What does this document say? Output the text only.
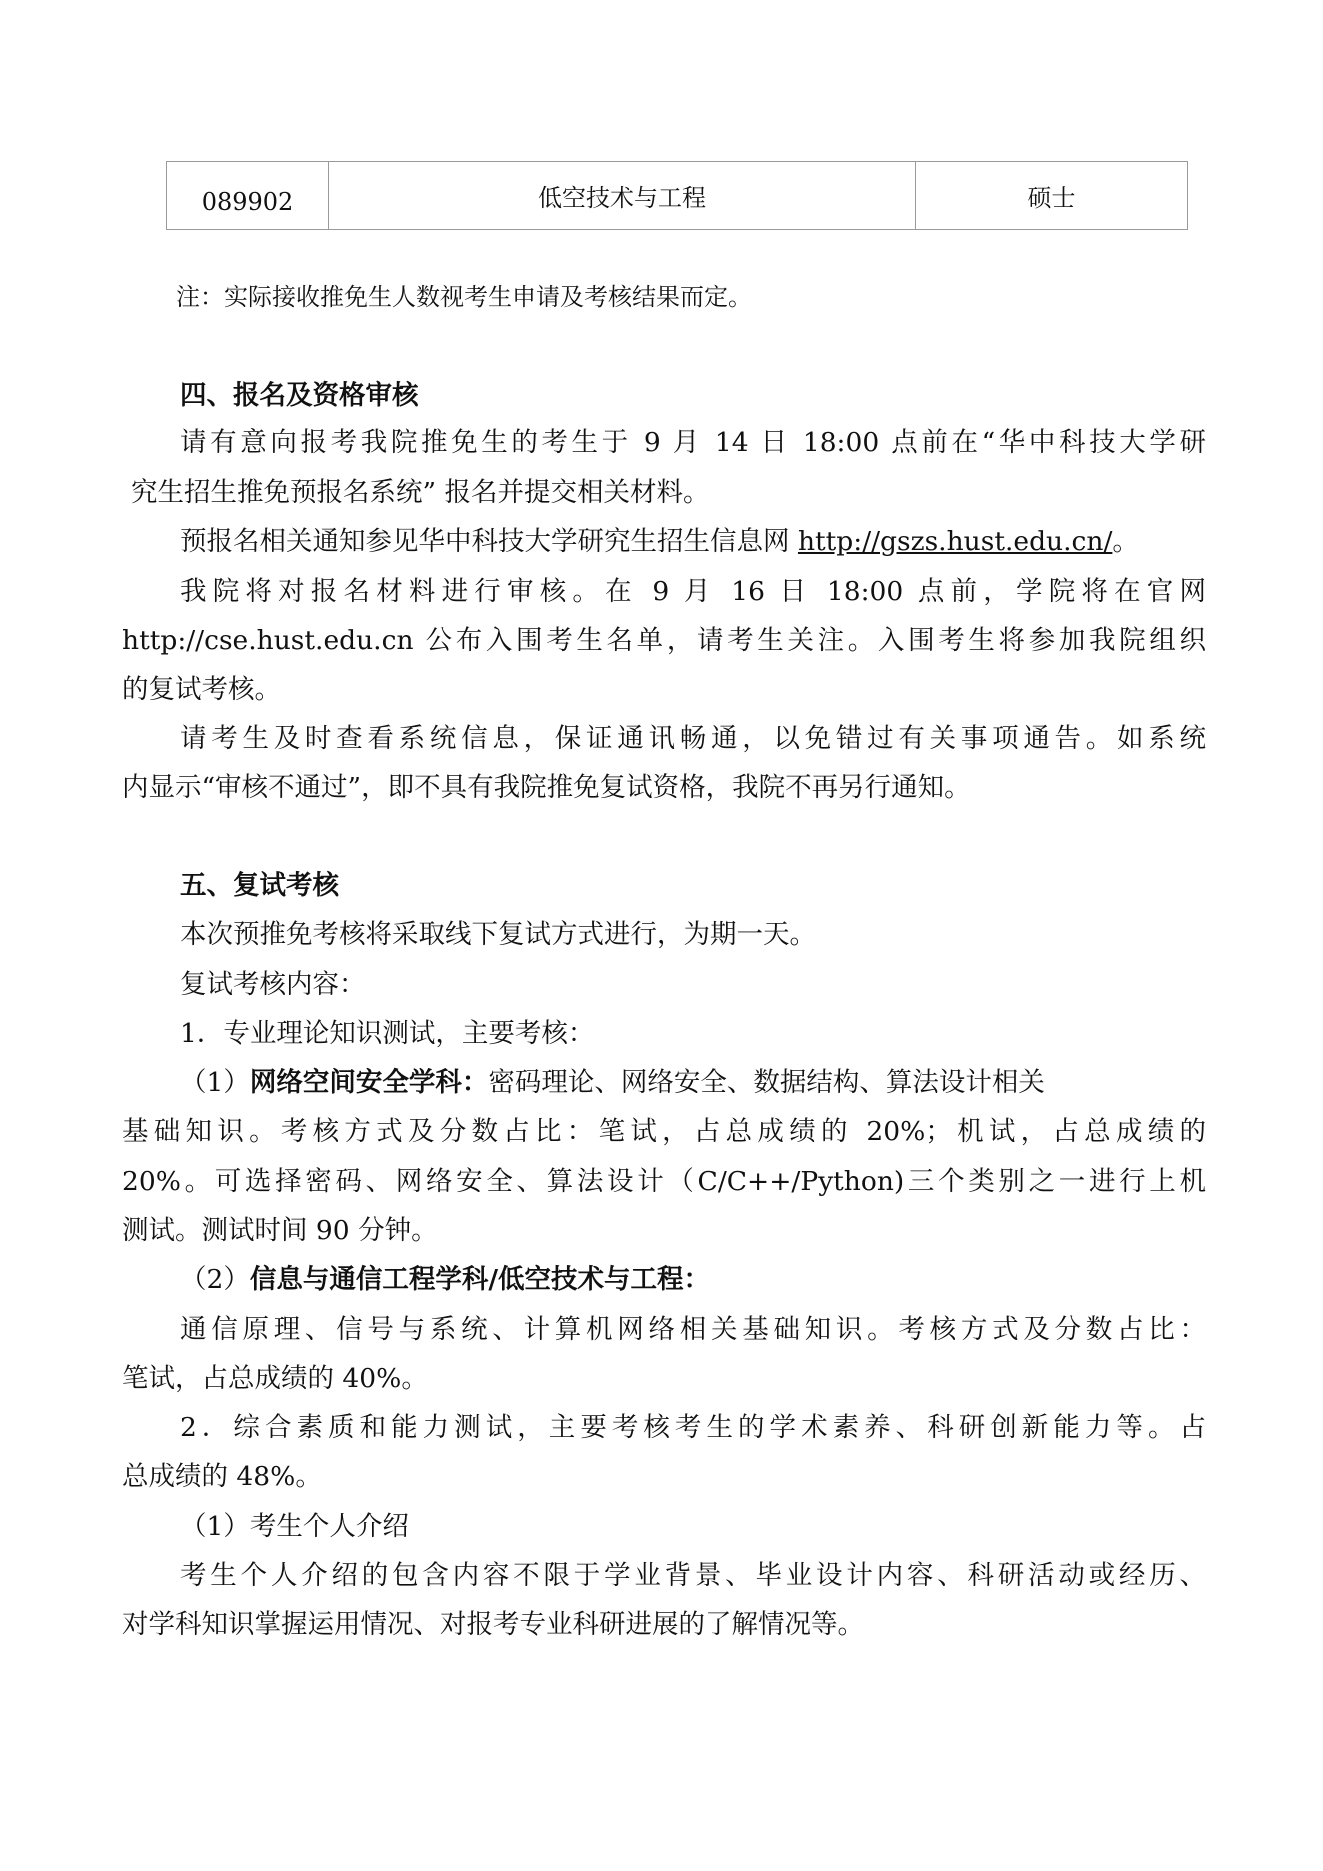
089902	低空技术与工程	硕士
注：实际接收推免生人数视考生申请及考核结果而定。
四、报名及资格审核
请有意向报考我院推免生的考生于 9 月 14 日 18:00 点前在“华中科技大学研
究生招生推免预报名系统” 报名并提交相关材料。
预报名相关通知参见华中科技大学研究生招生信息网 http://gszs.hust.edu.cn/。
我院将对报名材料进行审核。在 9 月 16 日 18:00 点前，学院将在官网
http://cse.hust.edu.cn 公布入围考生名单，请考生关注。入围考生将参加我院组织
的复试考核。
请考生及时查看系统信息，保证通讯畅通，以免错过有关事项通告。如系统
内显示“审核不通过”，即不具有我院推免复试资格，我院不再另行通知。
五、复试考核
本次预推免考核将采取线下复试方式进行，为期一天。
复试考核内容：
1．专业理论知识测试，主要考核：
（1）网络空间安全学科：密码理论、网络安全、数据结构、算法设计相关
基础知识。考核方式及分数占比：笔试，占总成绩的 20%；机试，占总成绩的
20%。可选择密码、网络安全、算法设计（C/C++/Python)三个类别之一进行上机
测试。测试时间 90 分钟。
（2）信息与通信工程学科/低空技术与工程：
通信原理、信号与系统、计算机网络相关基础知识。考核方式及分数占比：
笔试，占总成绩的 40%。
2．综合素质和能力测试，主要考核考生的学术素养、科研创新能力等。占
总成绩的 48%。
（1）考生个人介绍
考生个人介绍的包含内容不限于学业背景、毕业设计内容、科研活动或经历、
对学科知识掌握运用情况、对报考专业科研进展的了解情况等。
